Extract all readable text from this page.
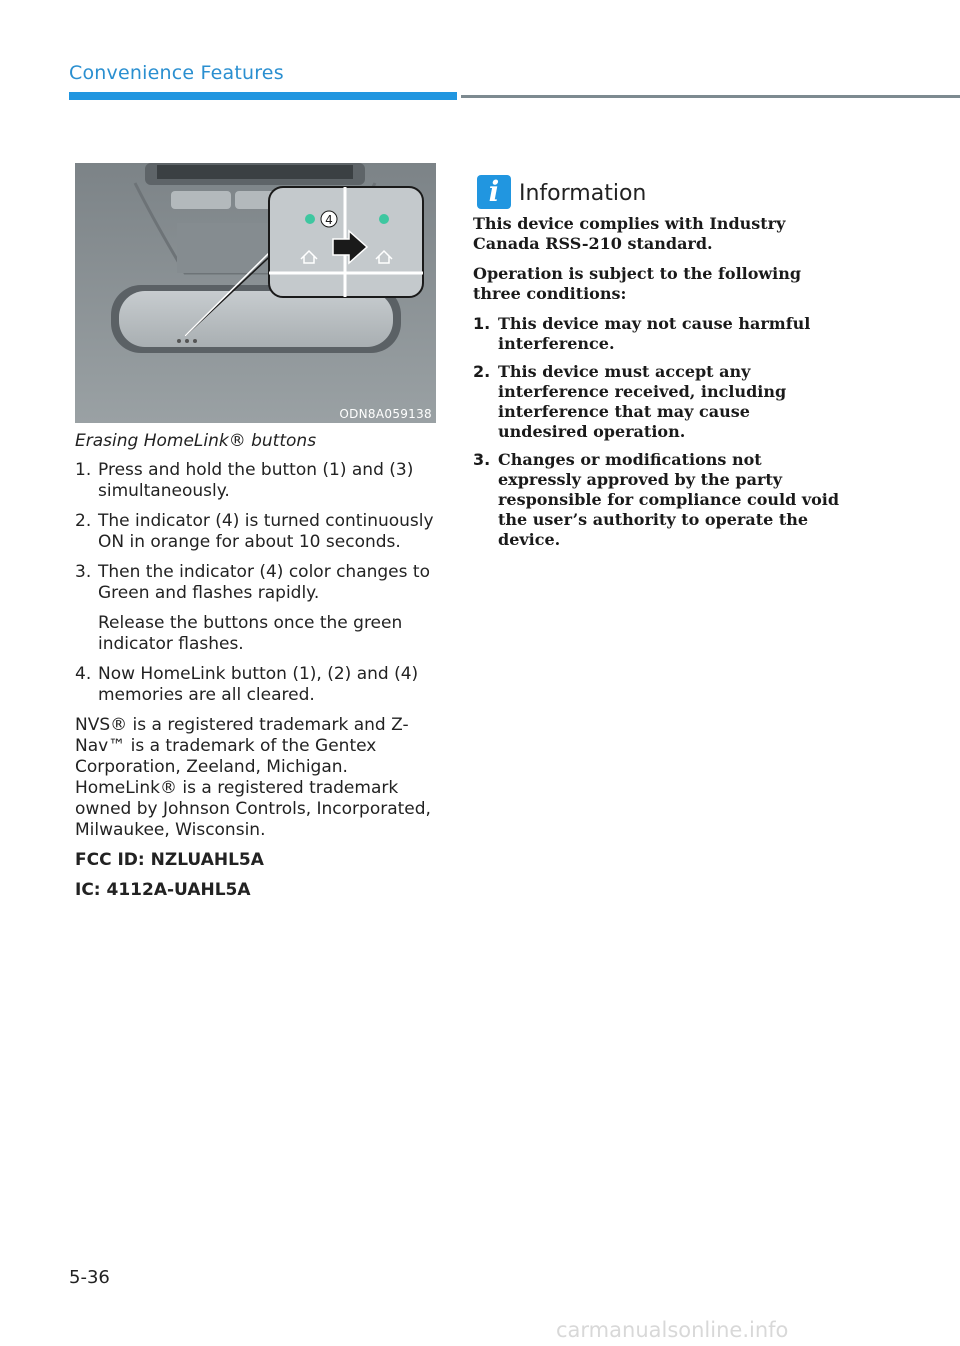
Convenience Features
4
ODN8A059138

Erasing HomeLink® buttons

1. Press and hold the button (1) and (3) simultaneously.
2. The indicator (4) is turned continuously ON in orange for about 10 seconds.
3. Then the indicator (4) color changes to Green and flashes rapidly.
Release the buttons once the green indicator flashes.
4. Now HomeLink button (1), (2) and (4) memories are all cleared.

NVS® is a registered trademark and Z-Nav™ is a trademark of the Gentex Corporation, Zeeland, Michigan. HomeLink® is a registered trademark owned by Johnson Controls, Incorporated, Milwaukee, Wisconsin.

FCC ID: NZLUAHL5A

IC: 4112A-UAHL5A

i Information

This device complies with Industry Canada RSS-210 standard.

Operation is subject to the following three conditions:

1. This device may not cause harmful interference.
2. This device must accept any interference received, including interference that may cause undesired operation.
3. Changes or modifications not expressly approved by the party responsible for compliance could void the user’s authority to operate the device.
5-36
carmanualsonline.info
